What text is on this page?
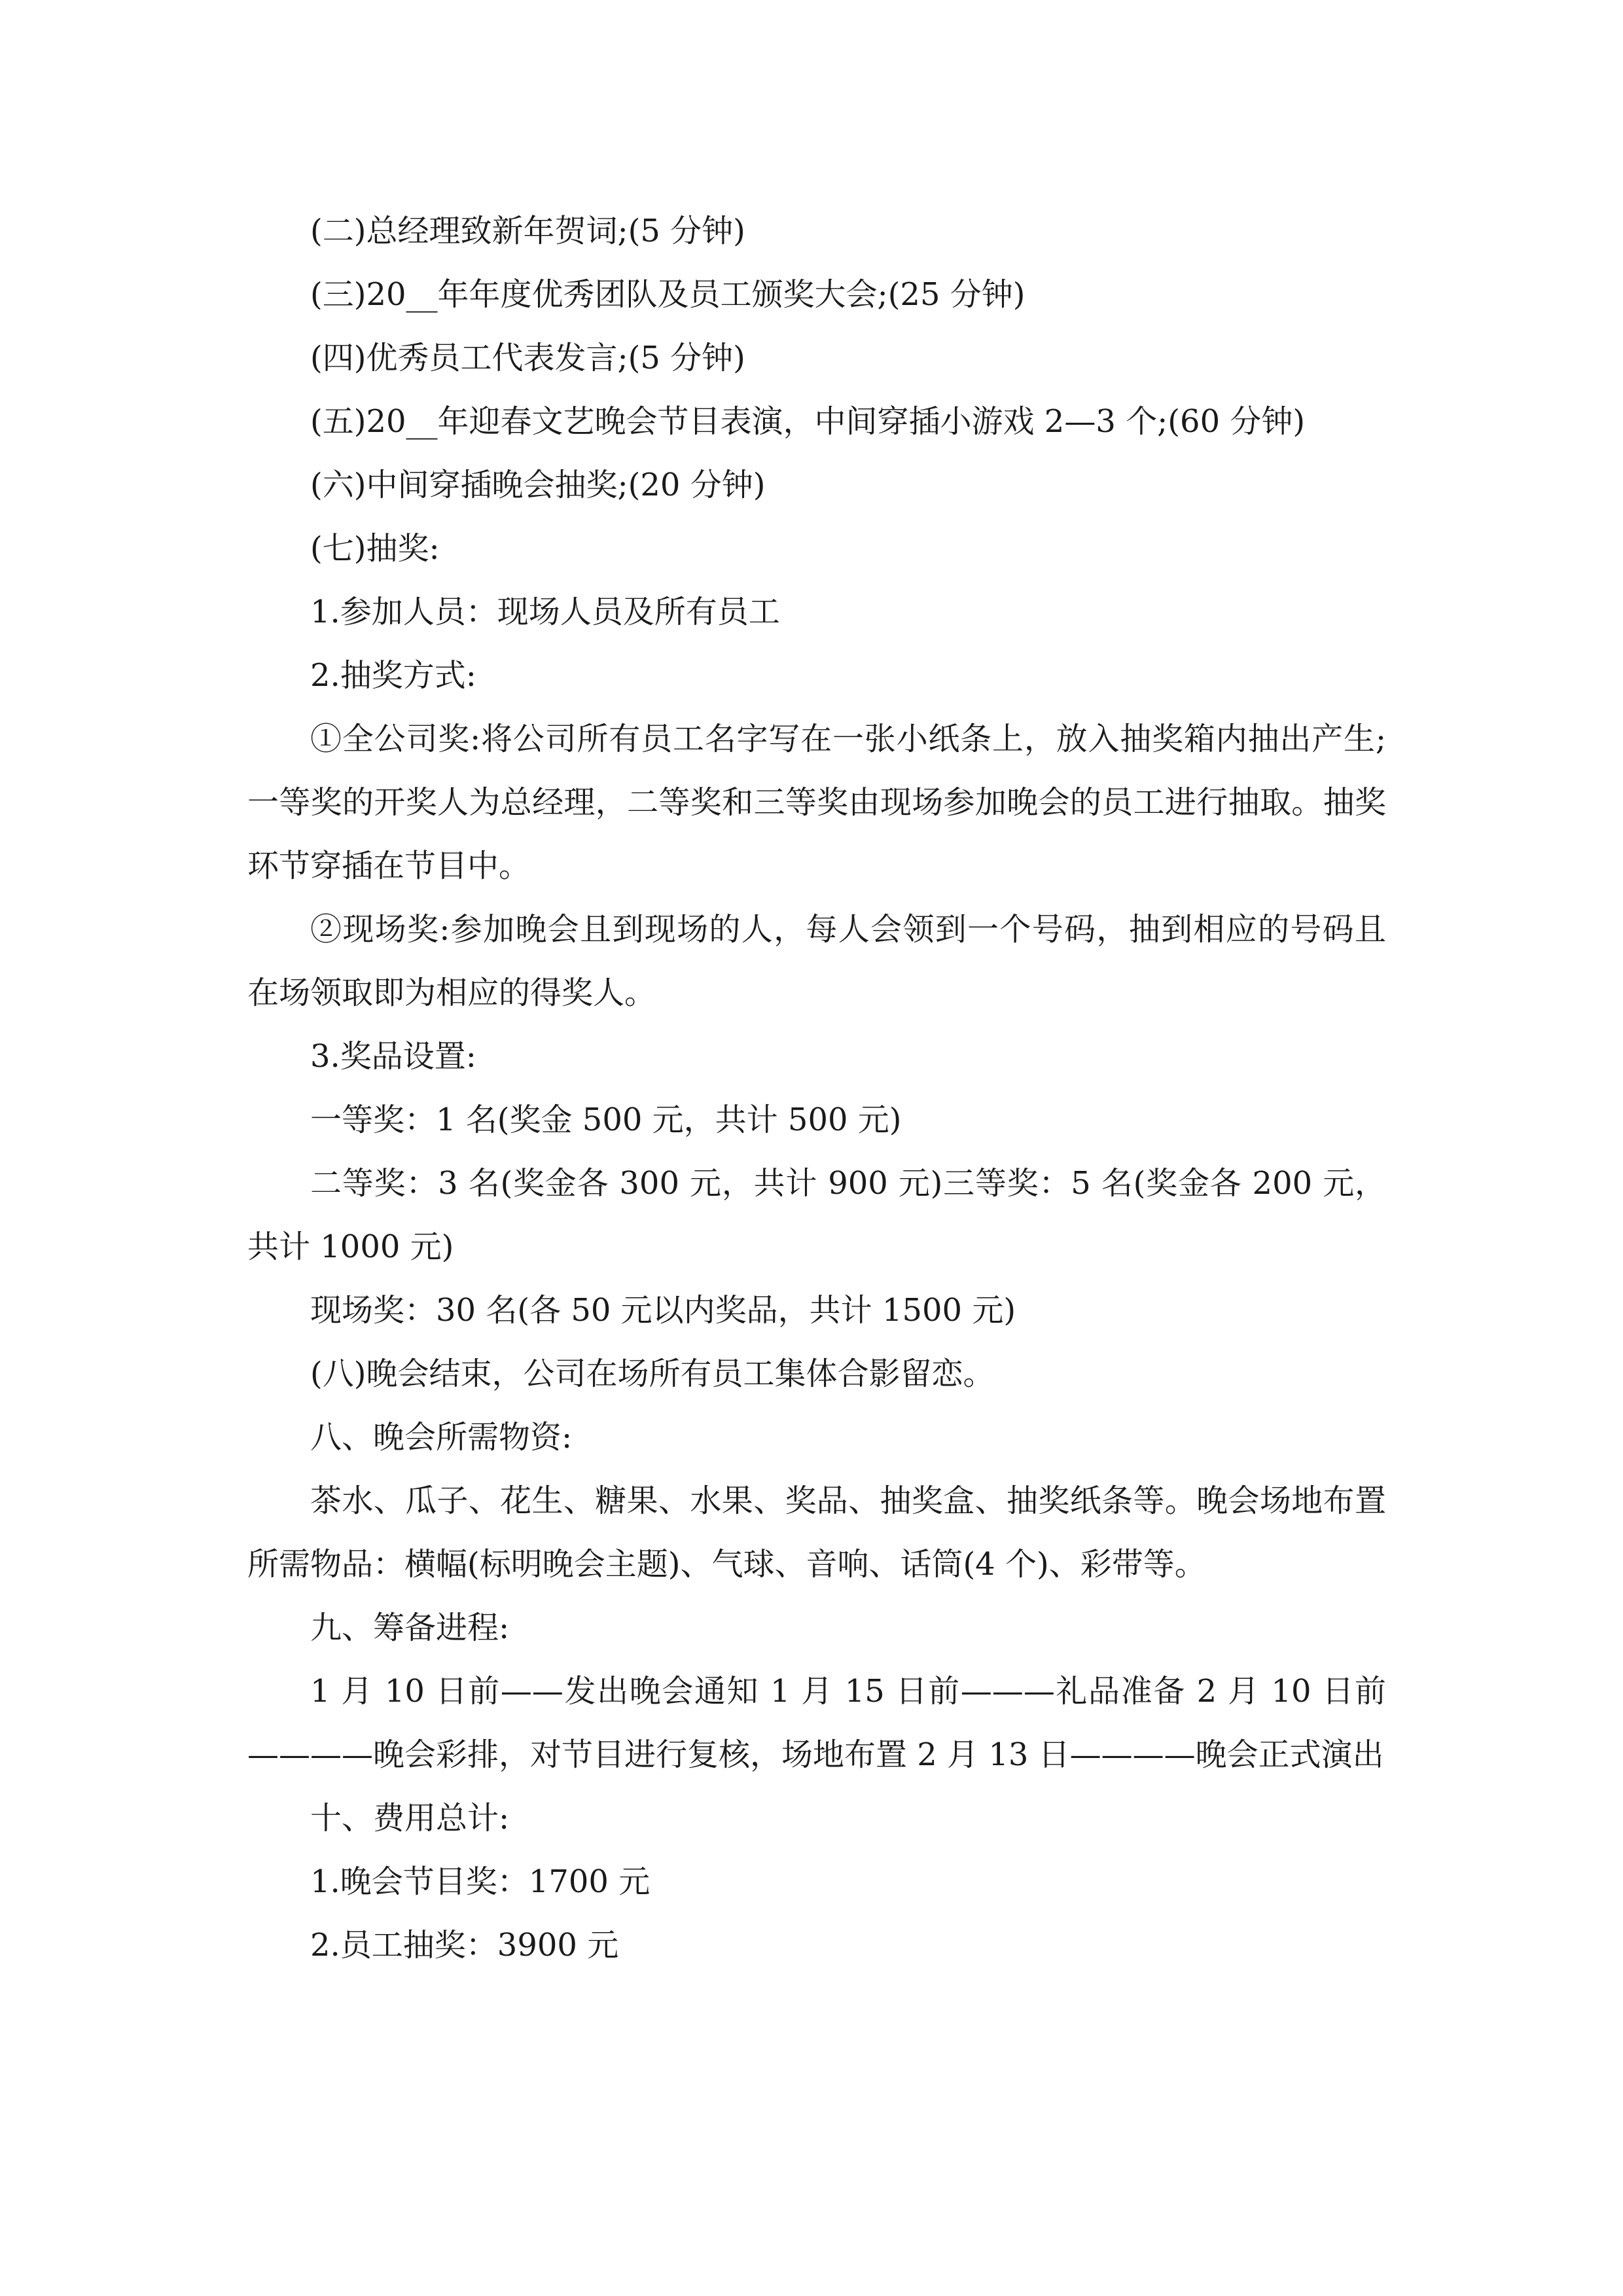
(二)总经理致新年贺词;(5 分钟)

(三)20__年年度优秀团队及员工颁奖大会;(25 分钟)

(四)优秀员工代表发言;(5 分钟)

(五)20__年迎春文艺晚会节目表演，中间穿插小游戏 2—3 个;(60 分钟)

(六)中间穿插晚会抽奖;(20 分钟)

(七)抽奖:

1.参加人员：现场人员及所有员工

2.抽奖方式:

①全公司奖:将公司所有员工名字写在一张小纸条上，放入抽奖箱内抽出产生;一等奖的开奖人为总经理，二等奖和三等奖由现场参加晚会的员工进行抽取。抽奖环节穿插在节目中。

②现场奖:参加晚会且到现场的人，每人会领到一个号码，抽到相应的号码且在场领取即为相应的得奖人。

3.奖品设置:

一等奖：1 名(奖金 500 元，共计 500 元)

二等奖：3 名(奖金各 300 元，共计 900 元)三等奖：5 名(奖金各 200 元，共计 1000 元)

现场奖：30 名(各 50 元以内奖品，共计 1500 元)

(八)晚会结束，公司在场所有员工集体合影留恋。

八、晚会所需物资:

茶水、瓜子、花生、糖果、水果、奖品、抽奖盒、抽奖纸条等。晚会场地布置所需物品：横幅(标明晚会主题)、气球、音响、话筒(4 个)、彩带等。

九、筹备进程:

1 月 10 日前——发出晚会通知 1 月 15 日前———礼品准备 2 月 10 日前————晚会彩排，对节目进行复核，场地布置 2 月 13 日————晚会正式演出

十、费用总计:

1.晚会节目奖：1700 元

2.员工抽奖：3900 元
